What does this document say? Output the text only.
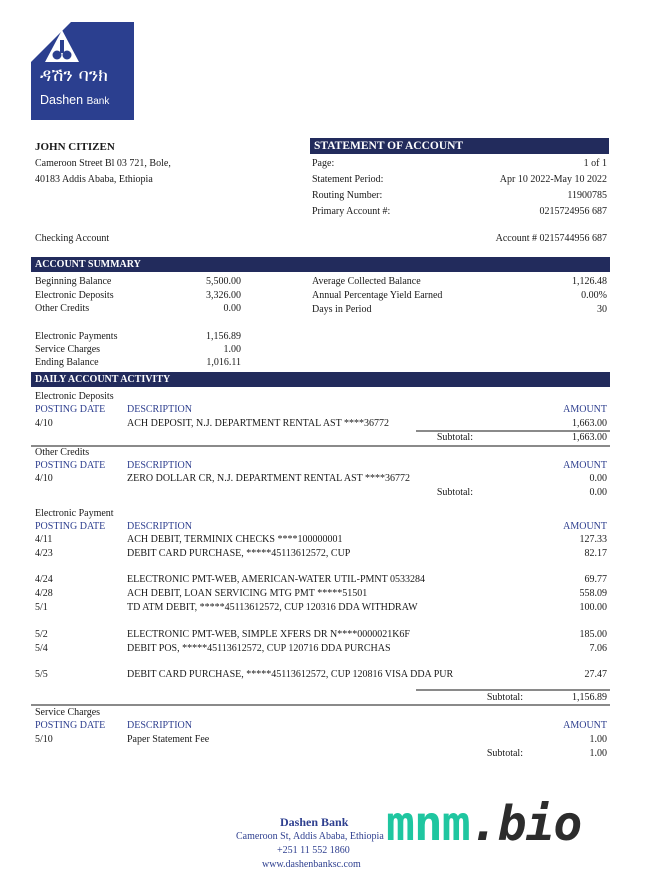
ዳሽን ባንክ
Dashen Bank
JOHN CITIZEN
Cameroon Street Bl 03 721, Bole,
40183 Addis Ababa, Ethiopia
STATEMENT OF ACCOUNT
Page:	1 of 1
Statement Period:	Apr 10 2022-May 10 2022
Routing Number:	11900785
Primary Account #:	0215724956 687
Checking Account	Account # 0215744956 687
ACCOUNT SUMMARY
Beginning Balance	5,500.00
Electronic Deposits	3,326.00
Other Credits	0.00
Electronic Payments	1,156.89
Service Charges	1.00
Ending Balance	1,016.11
Average Collected Balance	1,126.48
Annual Percentage Yield Earned	0.00%
Days in Period	30
DAILY ACCOUNT ACTIVITY
Electronic Deposits
POSTING DATE DESCRIPTION	AMOUNT
4/10	ACH DEPOSIT, N.J. DEPARTMENT RENTAL AST ****36772	1,663.00
Subtotal:	1,663.00
Other Credits
POSTING DATE DESCRIPTION	AMOUNT
4/10	ZERO DOLLAR CR, N.J. DEPARTMENT RENTAL AST ****36772	0.00
Subtotal:	0.00
Electronic Payment
POSTING DATE DESCRIPTION	AMOUNT
4/11	ACH DEBIT, TERMINIX CHECKS ****100000001	127.33
4/23	DEBIT CARD PURCHASE, *****45113612572, CUP	82.17
4/24	ELECTRONIC PMT-WEB, AMERICAN-WATER UTIL-PMNT 0533284	69.77
4/28	ACH DEBIT, LOAN SERVICING MTG PMT *****51501	558.09
5/1	TD ATM DEBIT, *****45113612572, CUP 120316 DDA WITHDRAW	100.00
5/2	ELECTRONIC PMT-WEB, SIMPLE XFERS DR N****0000021K6F	185.00
5/4	DEBIT POS, *****45113612572, CUP 120716 DDA PURCHAS	7.06
5/5	DEBIT CARD PURCHASE, *****45113612572, CUP 120816 VISA DDA PUR	27.47
Subtotal:	1,156.89
Service Charges
POSTING DATE DESCRIPTION	AMOUNT
5/10	Paper Statement Fee	1.00
Subtotal:	1.00
Dashen Bank
Cameroon St, Addis Ababa, Ethiopia
+251 11 552 1860
www.dashenbanksc.com
mnm.bio
